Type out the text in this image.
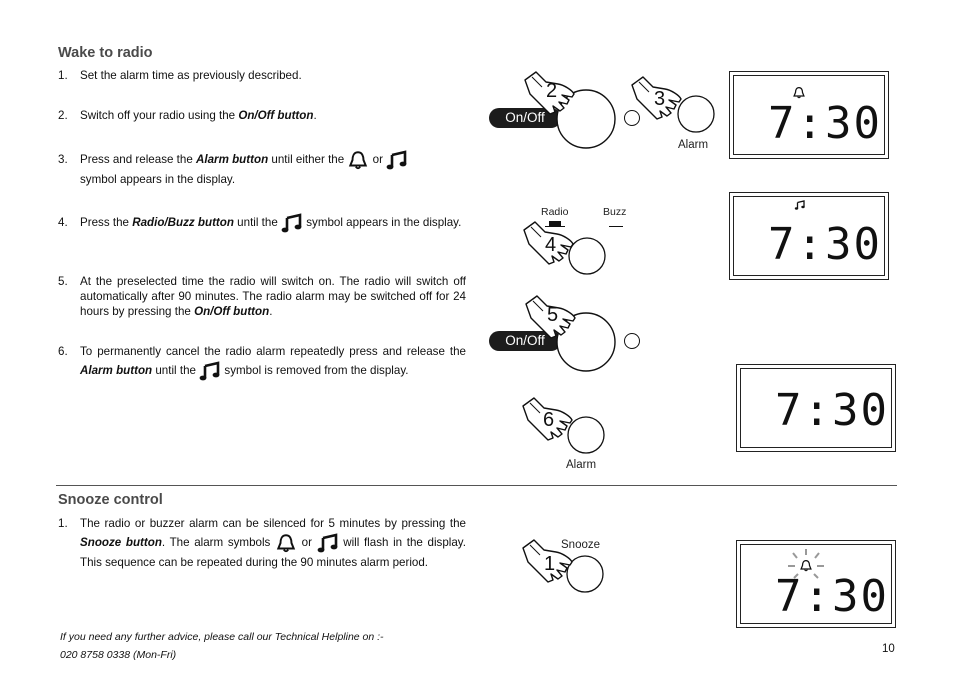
Wake to radio
1. Set the alarm time as previously described.
2. Switch off your radio using the On/Off button.
3. Press and release the Alarm button until either the  or
symbol appears in the display.
4. Press the Radio/Buzz button until the  symbol appears in the display.
5. At the preselected time the radio will switch on. The radio will switch off automatically after 90 minutes. The radio alarm may be switched off for 24 hours by pressing the On/Off button.
6. To permanently cancel the radio alarm repeatedly press and release the Alarm button until the  symbol is removed from the display.
Snooze control
1. The radio or buzzer alarm can be silenced for 5 minutes by pressing the Snooze button. The alarm symbols  or  will flash in the display. This sequence can be repeated during the 90 minutes alarm period.
On/Off
2	3
Alarm 7:30
Radio	Buzz
4	7:30
On/Off
5
6
Alarm
7:30
Snooze
1
7:30
If you need any further advice, please call our Technical Helpline on :-
020 8758 0338 (Mon-Fri)	10
